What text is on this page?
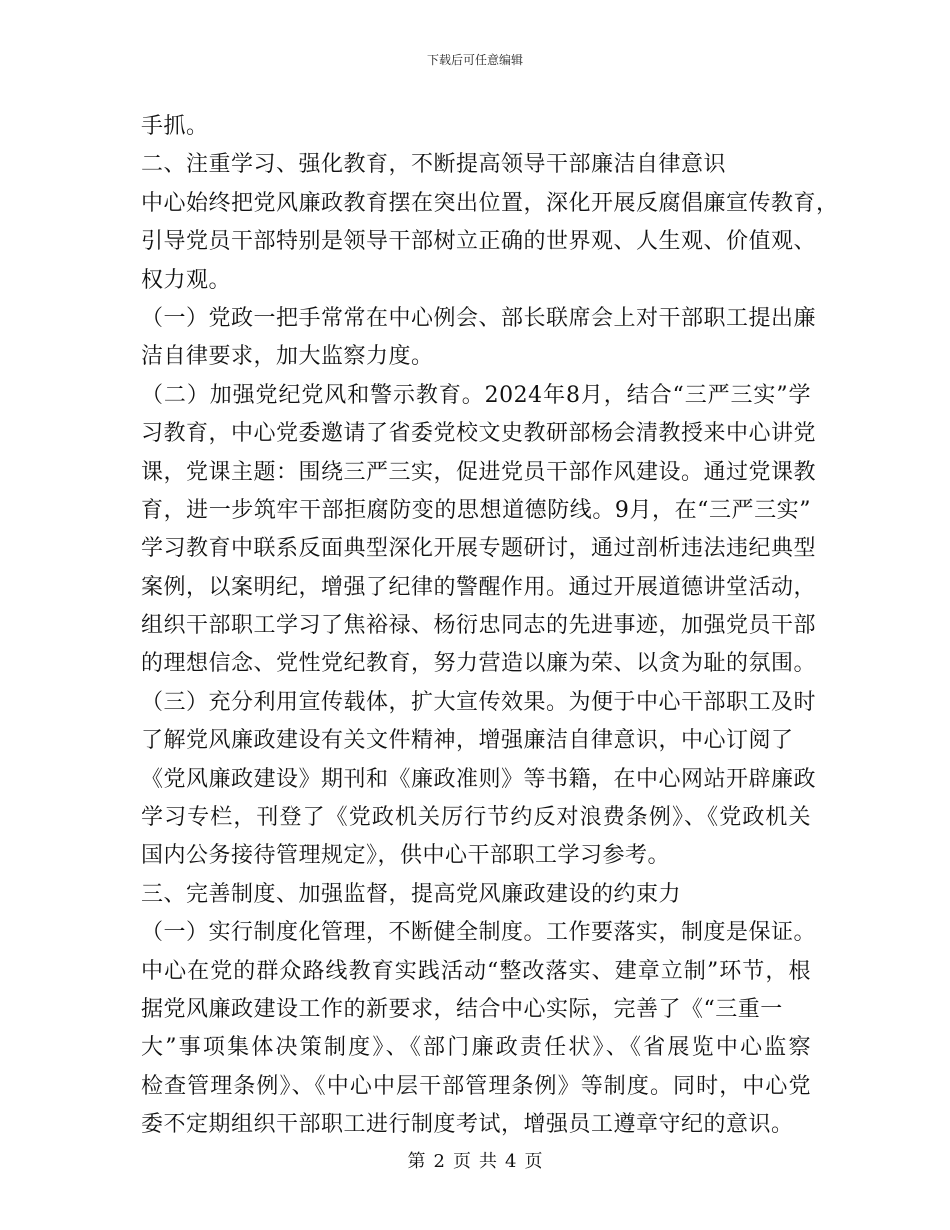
下载后可任意编辑
手抓。
二、注重学习、强化教育，不断提高领导干部廉洁自律意识
中心始终把党风廉政教育摆在突出位置，深化开展反腐倡廉宣传教育，
引导党员干部特别是领导干部树立正确的世界观、人生观、价值观、
权力观。
（一）党政一把手常常在中心例会、部长联席会上对干部职工提出廉
洁自律要求，加大监察力度。
（二）加强党纪党风和警示教育。2024年8月，结合“三严三实”学
习教育，中心党委邀请了省委党校文史教研部杨会清教授来中心讲党
课，党课主题：围绕三严三实，促进党员干部作风建设。通过党课教
育，进一步筑牢干部拒腐防变的思想道德防线。9月，在“三严三实”
学习教育中联系反面典型深化开展专题研讨，通过剖析违法违纪典型
案例，以案明纪，增强了纪律的警醒作用。通过开展道德讲堂活动，
组织干部职工学习了焦裕禄、杨衍忠同志的先进事迹，加强党员干部
的理想信念、党性党纪教育，努力营造以廉为荣、以贪为耻的氛围。
（三）充分利用宣传载体，扩大宣传效果。为便于中心干部职工及时
了解党风廉政建设有关文件精神，增强廉洁自律意识，中心订阅了
《党风廉政建设》期刊和《廉政准则》等书籍，在中心网站开辟廉政
学习专栏，刊登了《党政机关厉行节约反对浪费条例》、《党政机关
国内公务接待管理规定》，供中心干部职工学习参考。
三、完善制度、加强监督，提高党风廉政建设的约束力
（一）实行制度化管理，不断健全制度。工作要落实，制度是保证。
中心在党的群众路线教育实践活动“整改落实、建章立制”环节，根
据党风廉政建设工作的新要求，结合中心实际，完善了《“三重一
大”事项集体决策制度》、《部门廉政责任状》、《省展览中心监察
检查管理条例》、《中心中层干部管理条例》等制度。同时，中心党
委不定期组织干部职工进行制度考试，增强员工遵章守纪的意识。
第 2 页 共 4 页
